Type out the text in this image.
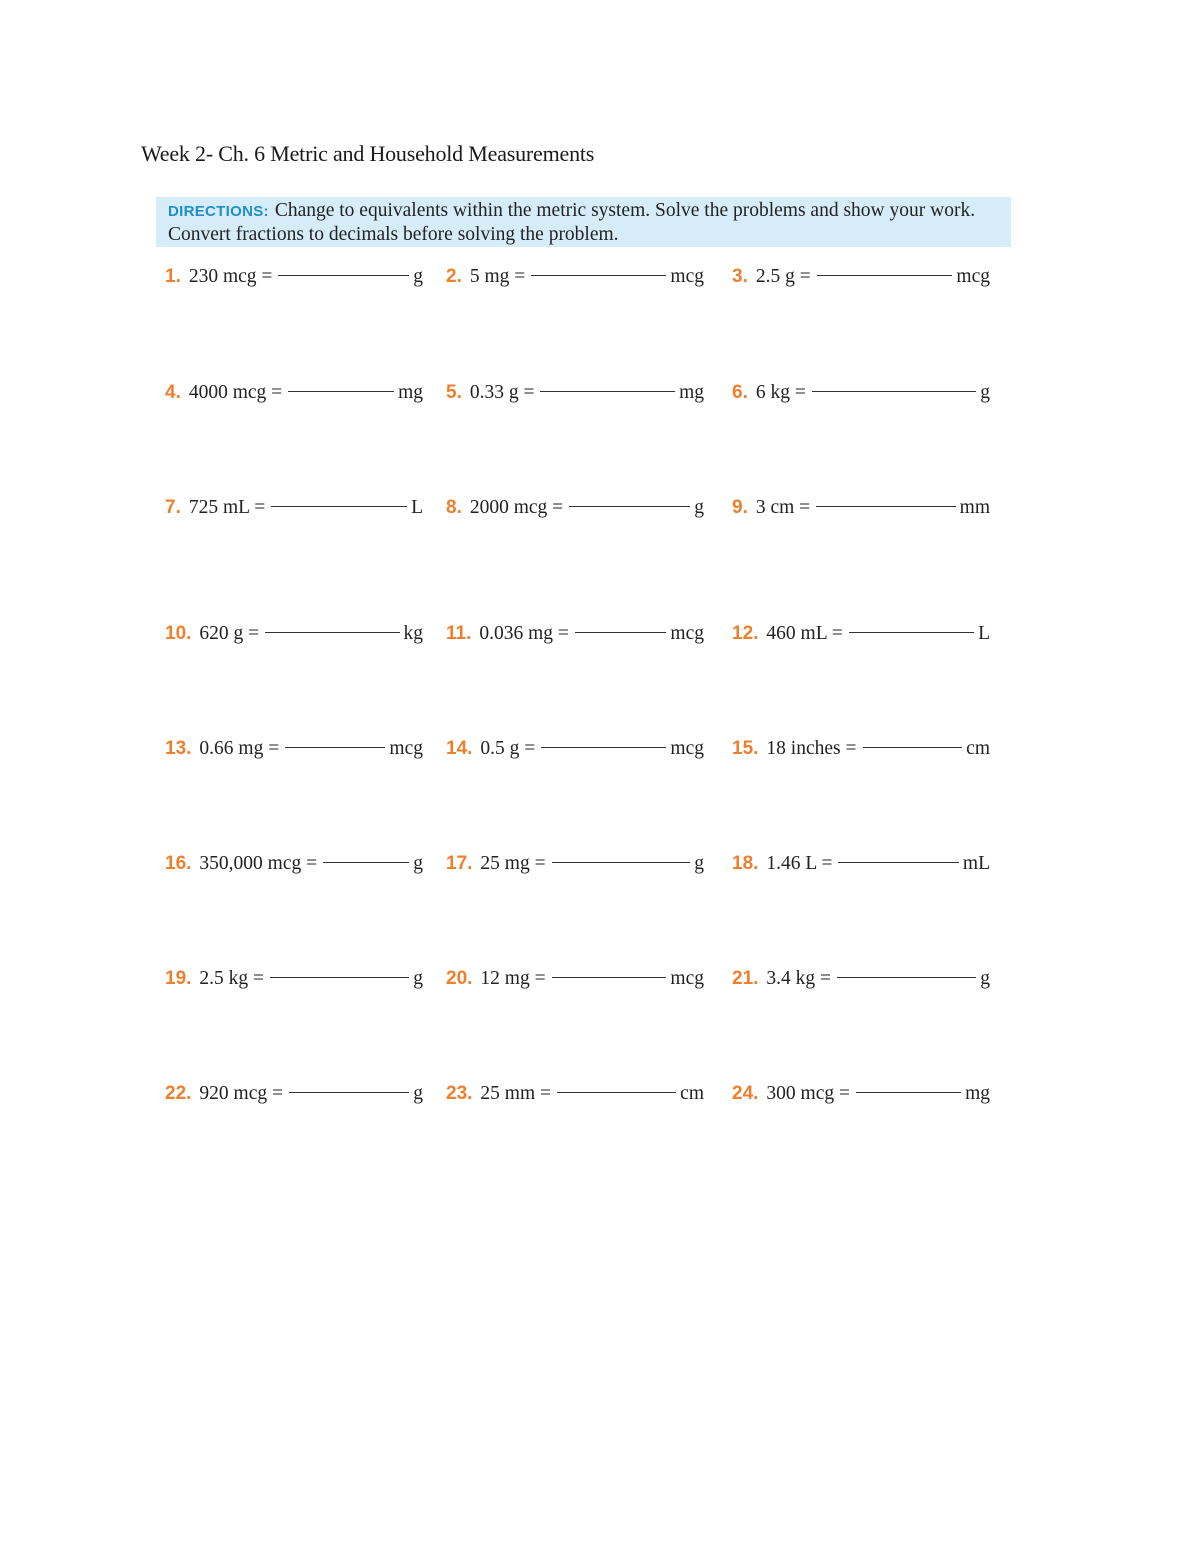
Week 2- Ch. 6 Metric and Household Measurements
DIRECTIONS: Change to equivalents within the metric system. Solve the problems and show your work. Convert fractions to decimals before solving the problem.
1. 230 mcg =	g 2. 5 mg =	mcg 3. 2.5 g =	mcg
4. 4000 mcg =	mg 5. 0.33 g =	mg 6. 6 kg =	g
7. 725 mL =	L 8. 2000 mcg =	g 9. 3 cm =	mm
10. 620 g =	kg 11. 0.036 mg =	mcg 12. 460 mL =	L
13. 0.66 mg =	mcg 14. 0.5 g =	mcg 15. 18 inches =	cm
16. 350,000 mcg =	g 17. 25 mg =	g 18. 1.46 L =	mL
19. 2.5 kg =	g 20. 12 mg =	mcg 21. 3.4 kg =	g
22. 920 mcg =	g 23. 25 mm =	cm 24. 300 mcg =	mg
